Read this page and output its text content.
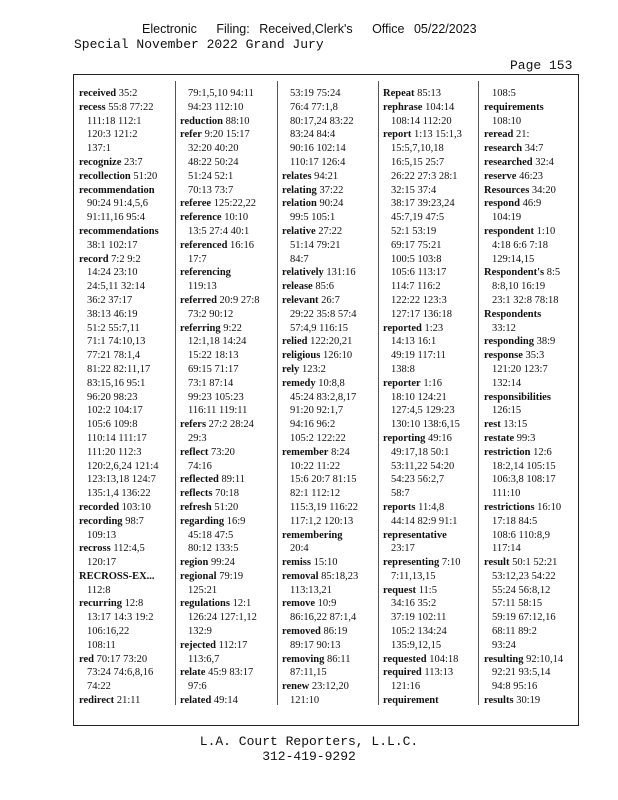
Electronic Filing: Received,Clerk's Office 05/22/2023
Special November 2022 Grand Jury
Page 153
received 35:2
recess 55:8 77:22
111:18 112:1
120:3 121:2
137:1
recognize 23:7
recollection 51:20
recommendation
90:24 91:4,5,6
91:11,16 95:4
recommendations
38:1 102:17
record 7:2 9:2
14:24 23:10
24:5,11 32:14
36:2 37:17
38:13 46:19
51:2 55:7,11
71:1 74:10,13
77:21 78:1,4
81:22 82:11,17
83:15,16 95:1
96:20 98:23
102:2 104:17
105:6 109:8
110:14 111:17
111:20 112:3
120:2,6,24 121:4
123:13,18 124:7
135:1,4 136:22
recorded 103:10
recording 98:7
109:13
recross 112:4,5
120:17
RECROSS-EX...
112:8
recurring 12:8
13:17 14:3 19:2
106:16,22
108:11
red 70:17 73:20
73:24 74:6,8,16
74:22
redirect 21:11
79:1,5,10 94:11
94:23 112:10
reduction 88:10
refer 9:20 15:17
32:20 40:20
48:22 50:24
51:24 52:1
70:13 73:7
referee 125:22,22
reference 10:10
13:5 27:4 40:1
referenced 16:16
17:7
referencing
119:13
referred 20:9 27:8
73:2 90:12
referring 9:22
12:1,18 14:24
15:22 18:13
69:15 71:17
73:1 87:14
99:23 105:23
116:11 119:11
refers 27:2 28:24
29:3
reflect 73:20
74:16
reflected 89:11
reflects 70:18
refresh 51:20
regarding 16:9
45:18 47:5
80:12 133:5
region 99:24
regional 79:19
125:21
regulations 12:1
126:24 127:1,12
132:9
rejected 112:17
113:6,7
relate 45:9 83:17
97:6
related 49:14
53:19 75:24
76:4 77:1,8
80:17,24 83:22
83:24 84:4
90:16 102:14
110:17 126:4
relates 94:21
relating 37:22
relation 90:24
99:5 105:1
relative 27:22
51:14 79:21
84:7
relatively 131:16
release 85:6
relevant 26:7
29:22 35:8 57:4
57:4,9 116:15
relied 122:20,21
religious 126:10
rely 123:2
remedy 10:8,8
45:24 83:2,8,17
91:20 92:1,7
94:16 96:2
105:2 122:22
remember 8:24
10:22 11:22
15:6 20:7 81:15
82:1 112:12
115:3,19 116:22
117:1,2 120:13
remembering
20:4
remiss 15:10
removal 85:18,23
113:13,21
remove 10:9
86:16,22 87:1,4
removed 86:19
89:17 90:13
removing 86:11
87:11,15
renew 23:12,20
121:10
Repeat 85:13
rephrase 104:14
108:14 112:20
report 1:13 15:1,3
15:5,7,10,18
16:5,15 25:7
26:22 27:3 28:1
32:15 37:4
38:17 39:23,24
45:7,19 47:5
52:1 53:19
69:17 75:21
100:5 103:8
105:6 113:17
114:7 116:2
122:22 123:3
127:17 136:18
reported 1:23
14:13 16:1
49:19 117:11
138:8
reporter 1:16
18:10 124:21
127:4,5 129:23
130:10 138:6,15
reporting 49:16
49:17,18 50:1
53:11,22 54:20
54:23 56:2,7
58:7
reports 11:4,8
44:14 82:9 91:1
representative
23:17
representing 7:10
7:11,13,15
request 11:5
34:16 35:2
37:19 102:11
105:2 134:24
135:9,12,15
requested 104:18
required 113:13
121:16
requirement
108:5
requirements
108:10
reread 21:
research 34:7
researched 32:4
reserve 46:23
Resources 34:20
respond 46:9
104:19
respondent 1:10
4:18 6:6 7:18
129:14,15
Respondent's 8:5
8:8,10 16:19
23:1 32:8 78:18
Respondents
33:12
responding 38:9
response 35:3
121:20 123:7
132:14
responsibilities
126:15
rest 13:15
restate 99:3
restriction 12:6
18:2,14 105:15
106:3,8 108:17
111:10
restrictions 16:10
17:18 84:5
108:6 110:8,9
117:14
result 50:1 52:21
53:12,23 54:22
55:24 56:8,12
57:11 58:15
59:19 67:12,16
68:11 89:2
93:24
resulting 92:10,14
92:21 93:5,14
94:8 95:16
results 30:19
L.A. Court Reporters, L.L.C.
312-419-9292
